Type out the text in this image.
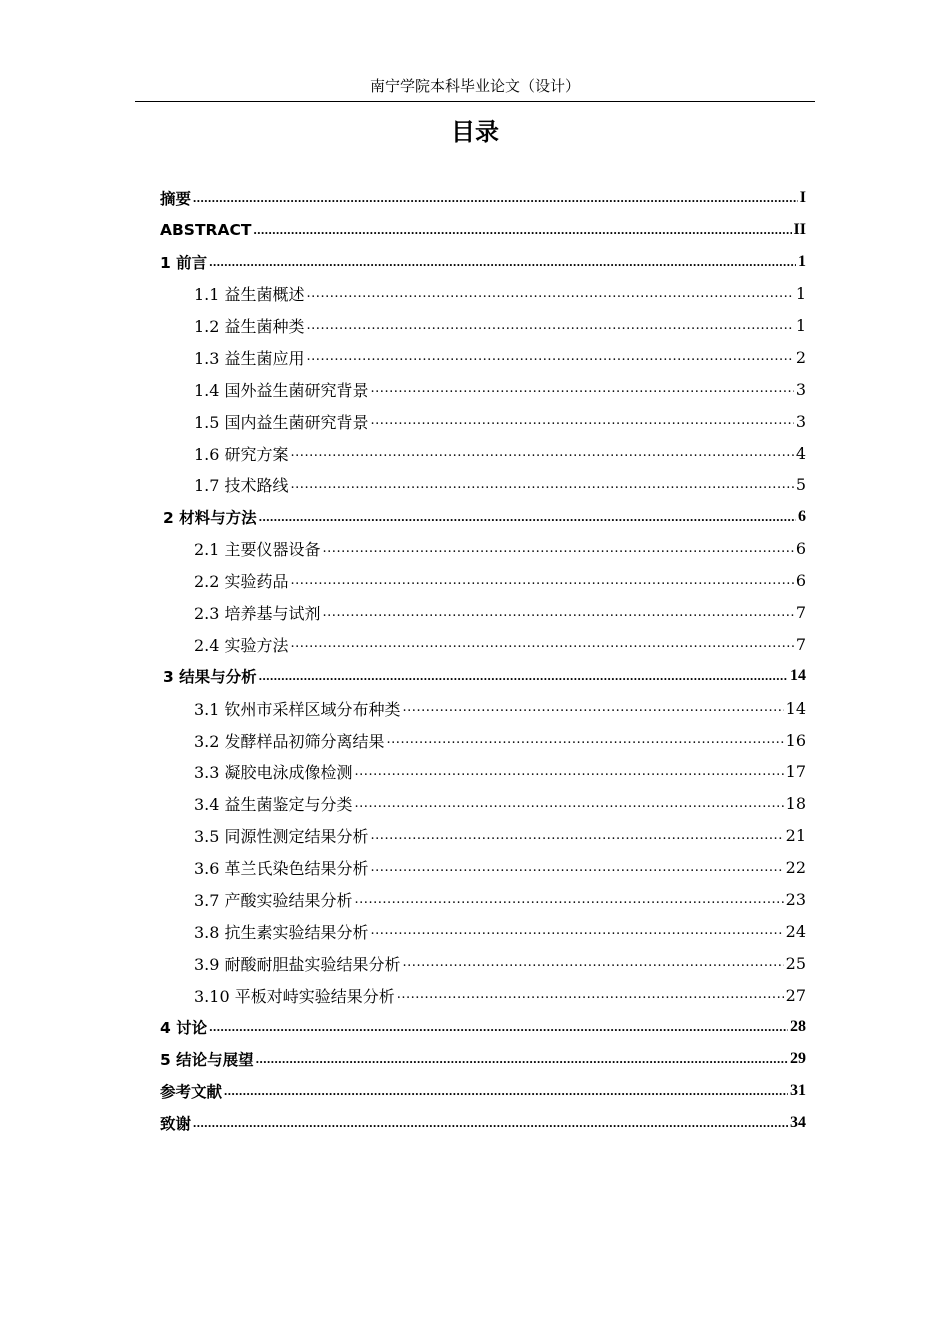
南宁学院本科毕业论文（设计）
目录
摘要 .....	I
ABSTRACT .....	II
1 前言 .....	1
1.1 益生菌概述 .....	1
1.2 益生菌种类 .....	1
1.3 益生菌应用 .....	2
1.4 国外益生菌研究背景 .....	3
1.5 国内益生菌研究背景 .....	3
1.6 研究方案 .....	4
1.7 技术路线 .....	5
2 材料与方法 .....	6
2.1 主要仪器设备 .....	6
2.2 实验药品 .....	6
2.3 培养基与试剂 .....	7
2.4 实验方法 .....	7
3 结果与分析 .....	14
3.1 钦州市采样区域分布种类 .....	14
3.2 发酵样品初筛分离结果 .....	16
3.3 凝胶电泳成像检测 .....	17
3.4 益生菌鉴定与分类 .....	18
3.5 同源性测定结果分析 .....	21
3.6 革兰氏染色结果分析 .....	22
3.7 产酸实验结果分析 .....	23
3.8 抗生素实验结果分析 .....	24
3.9 耐酸耐胆盐实验结果分析 .....	25
3.10 平板对峙实验结果分析 .....	27
4 讨论 .....	28
5 结论与展望 .....	29
参考文献 .....	31
致谢 .....	34
